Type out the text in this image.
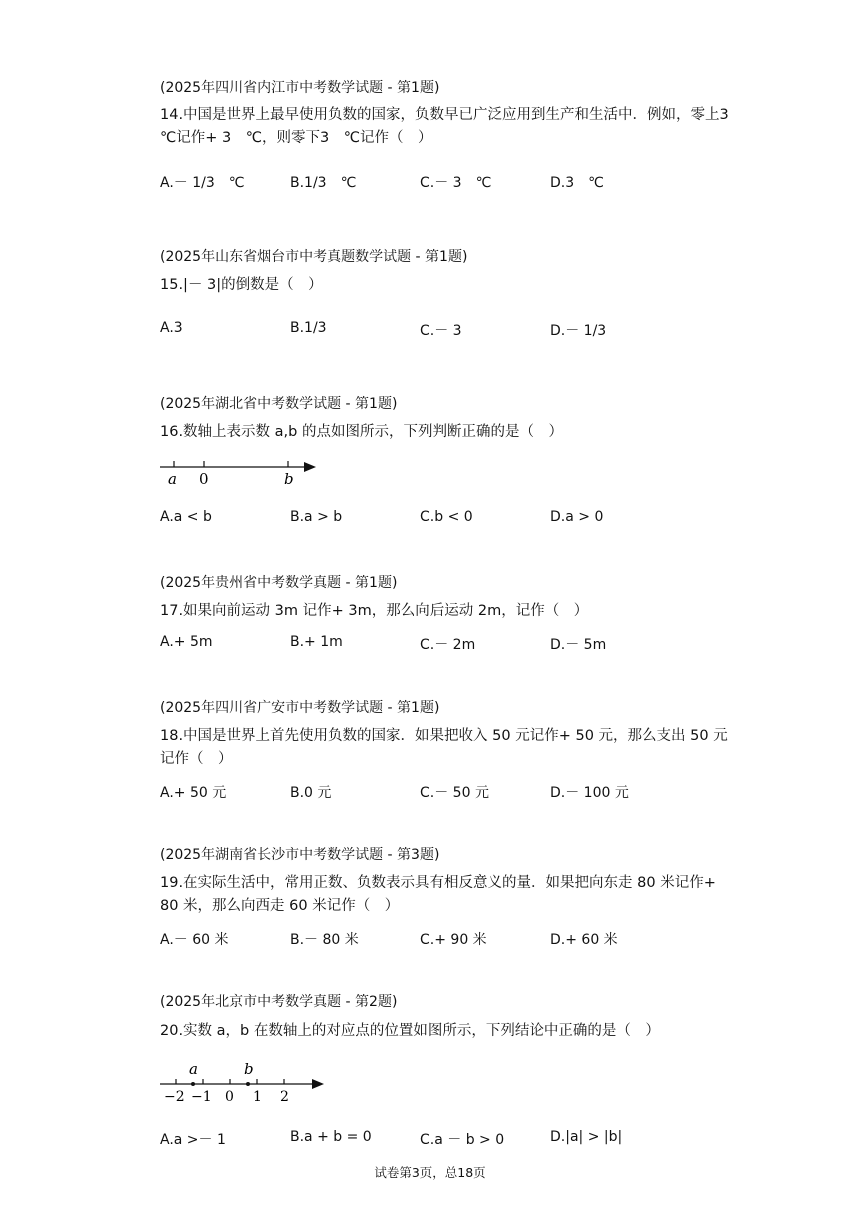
(2025年四川省内江市中考数学试题 - 第1题)
14.中国是世界上最早使用负数的国家，负数早已广泛应用到生产和生活中．例如，零上3　℃记作+ 3　℃，则零下3　℃记作（　）
A.－ 1/3　℃	B.1/3　℃	C.－ 3　℃	D.3　℃
(2025年山东省烟台市中考真题数学试题 - 第1题)
15.|－ 3|的倒数是（　）
A.3	B.1/3	C.－ 3	D.－ 1/3
(2025年湖北省中考数学试题 - 第1题)
16.数轴上表示数 a,b 的点如图所示，下列判断正确的是（　）
a 0	b
A.a < b	B.a > b	C.b < 0	D.a > 0
(2025年贵州省中考数学真题 - 第1题)
17.如果向前运动 3m 记作+ 3m，那么向后运动 2m，记作（　）
A.+ 5m	B.+ 1m	C.－ 2m	D.－ 5m
(2025年四川省广安市中考数学试题 - 第1题)
18.中国是世界上首先使用负数的国家．如果把收入 50 元记作+ 50 元，那么支出 50 元记作（　）
A.+ 50 元	B.0 元	C.－ 50 元	D.－ 100 元
(2025年湖南省长沙市中考数学试题 - 第3题)
19.在实际生活中，常用正数、负数表示具有相反意义的量．如果把向东走 80 米记作+ 80 米，那么向西走 60 米记作（　）
A.－ 60 米	B.－ 80 米	C.+ 90 米	D.+ 60 米
(2025年北京市中考数学真题 - 第2题)
20.实数 a，b 在数轴上的对应点的位置如图所示，下列结论中正确的是（　）
a	b
−2 −1 0 1 2
A.a >－ 1	B.a + b = 0	C.a － b > 0	D.|a| > |b|
试卷第3页，总18页
